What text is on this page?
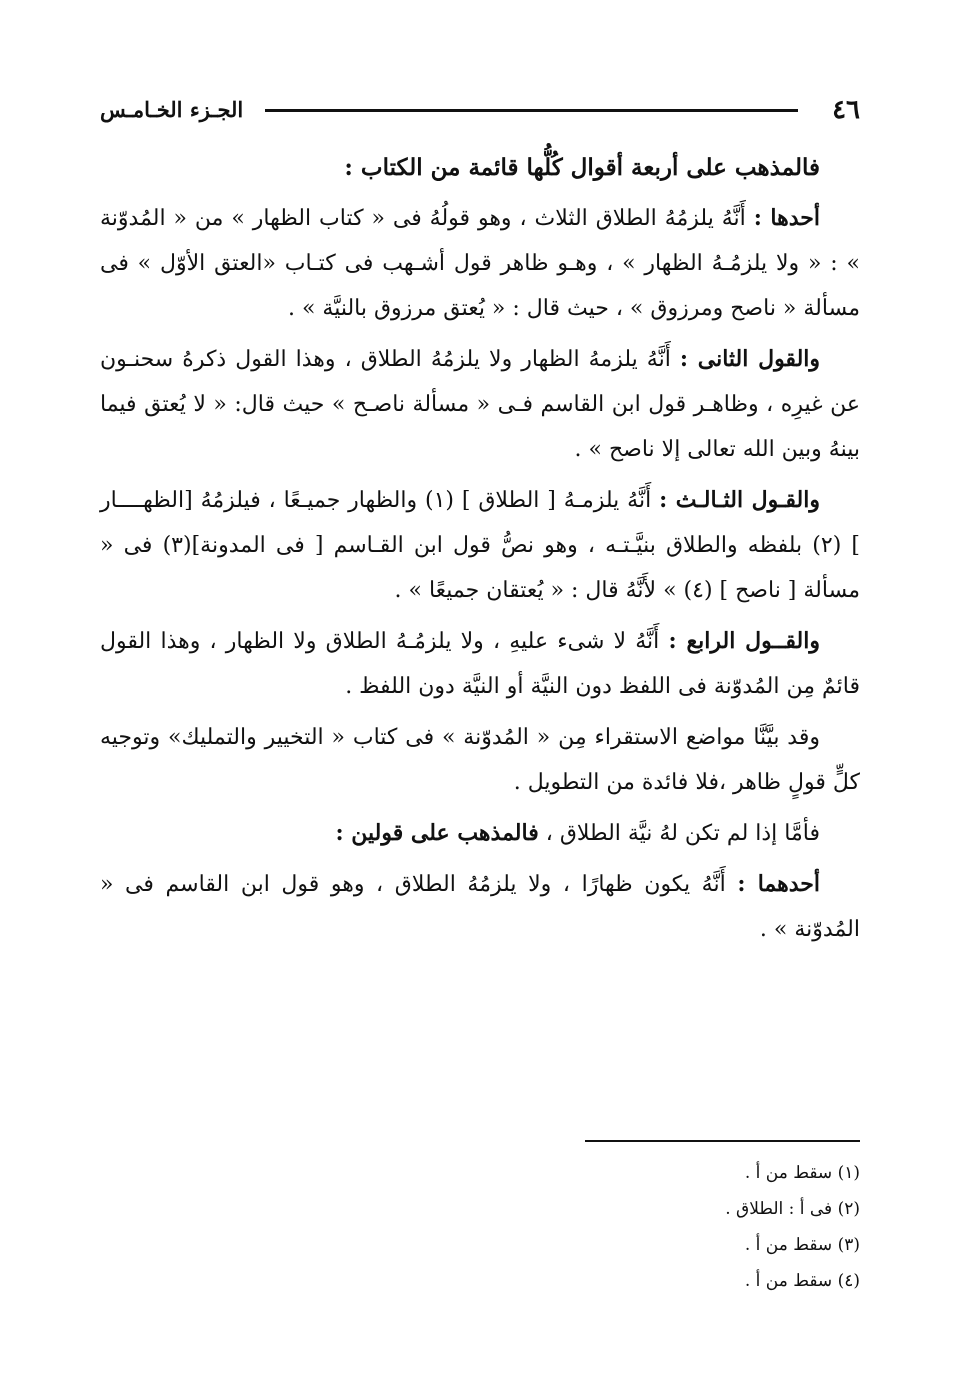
٤٦
الجـزء الخـامـس

فالمذهب على أربعة أقوال كُلُّها قائمة من الكتاب :

أحدها : أَنَّهُ يلزمُهُ الطلاق الثلاث ، وهو قولُهُ فى « كتاب الظهار » من « المُدوّنة » : « ولا يلزمُـهُ الظهار » ، وهـو ظاهر قول أشـهب فى كتـاب «العتق الأوّل » فى مسألة « ناصح ومرزوق » ، حيث قال : « يُعتق مرزوق بالنيَّة » .

والقول الثانى : أَنَّهُ يلزمهُ الظهار ولا يلزمُهُ الطلاق ، وهذا القول ذكرهُ سحنـون عن غيرِه ، وظاهـر قول ابن القاسم فـى « مسألة ناصـح » حيث قال: « لا يُعتق فيما بينهُ وبين الله تعالى إلا ناصح » .

والقـول الثـالـث : أَنَّهُ يلزمـهُ [ الطلاق ] (١) والظهار جميـعًا ، فيلزمُهُ [الظهــــار ] (٢) بلفظه والطلاق بنيَّـتـه ، وهو نصُّ قول ابن القـاسم [ فى المدونة](٣) فى « مسألة [ ناصح ] (٤) » لأَنَّهُ قال : « يُعتقان جميعًا » .

والقــول الرابع : أَنَّهُ لا شىء عليهِ ، ولا يلزمُـهُ الطلاق ولا الظهار ، وهذا القول قائمٌ مِن المُدوّنة فى اللفظ دون النيَّة أو النيَّة دون اللفظ .

وقد بيَّنَّا مواضع الاستقراء مِن « المُدوّنة » فى كتاب « التخيير والتمليك» وتوجيه كلٍّ قولٍ ظاهر ،فلا فائدة من التطويل .

فأمَّا إذا لم تكن لهُ نيَّة الطلاق ، فالمذهب على قولين :

أحدهما : أَنَّهُ يكون ظهارًا ، ولا يلزمُهُ الطلاق ، وهو قول ابن القاسم فى « المُدوّنة » .

(١) سقط من أ .
(٢) فى أ : الطلاق .
(٣) سقط من أ .
(٤) سقط من أ .
